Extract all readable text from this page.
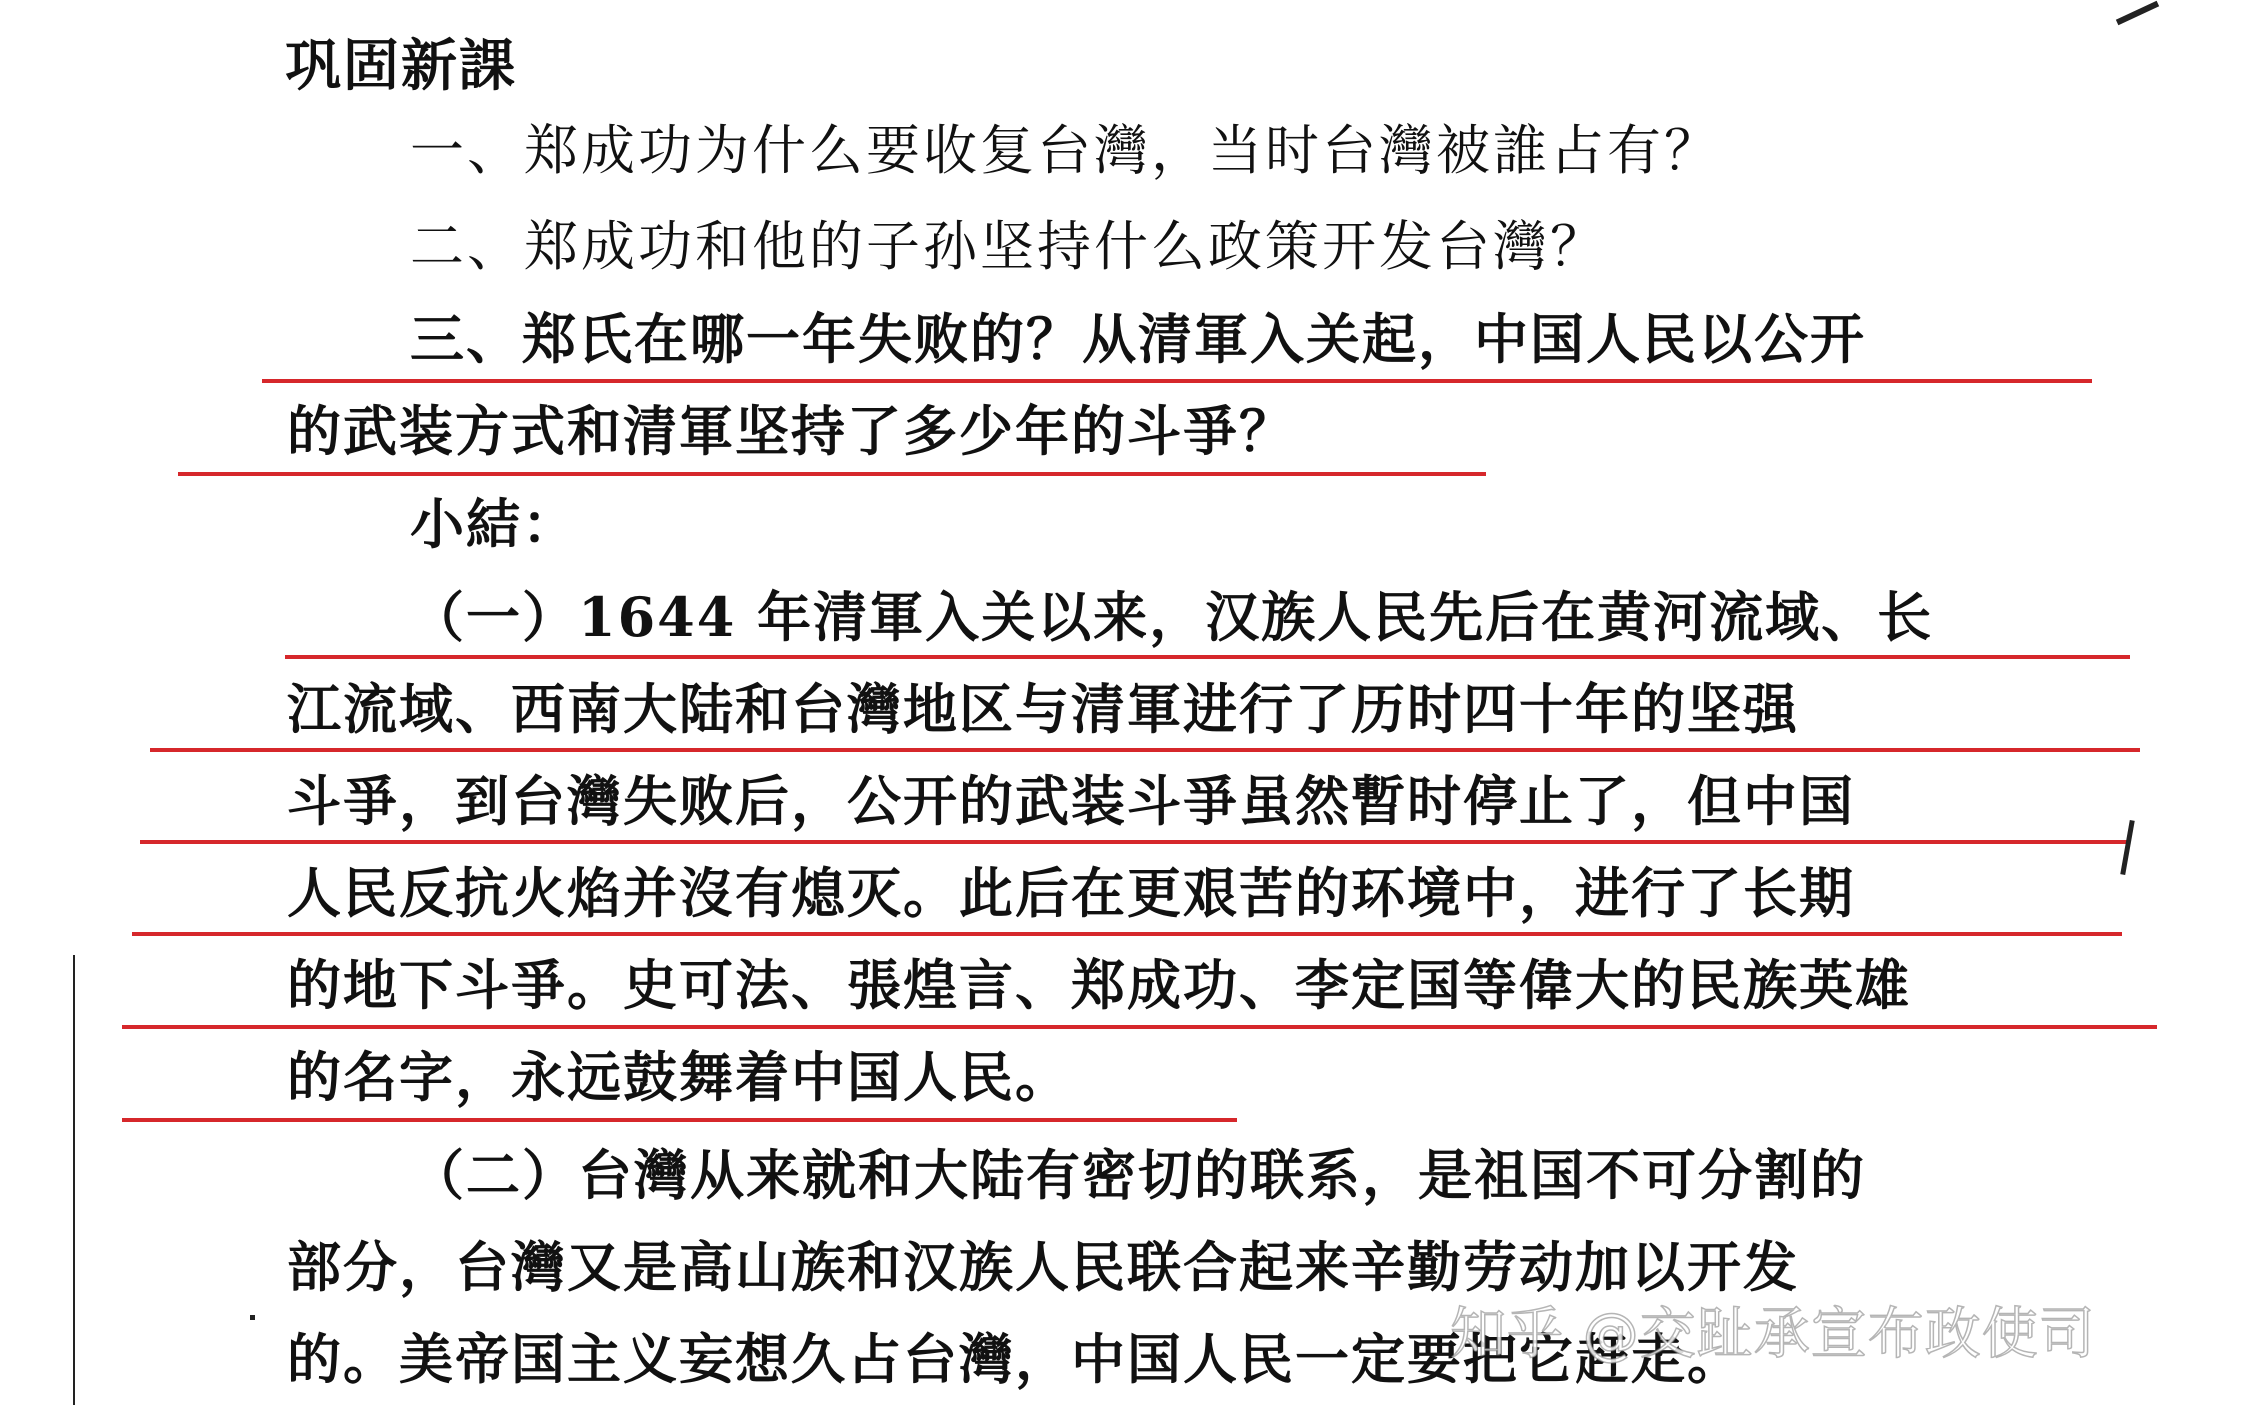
巩固新課
一、郑成功为什么要收复台灣，当时台灣被誰占有？
二、郑成功和他的子孙坚持什么政策开发台灣？
三、郑氏在哪一年失败的？从清軍入关起，中国人民以公开
的武装方式和清軍坚持了多少年的斗爭？
小結：
（一）1644 年清軍入关以来，汉族人民先后在黄河流域、长
江流域、西南大陆和台灣地区与清軍进行了历时四十年的坚强
斗爭，到台灣失败后，公开的武装斗爭虽然暫时停止了，但中国
人民反抗火焰并沒有熄灭。此后在更艰苦的环境中，进行了长期
的地下斗爭。史可法、張煌言、郑成功、李定国等偉大的民族英雄
的名字，永远鼓舞着中国人民。
（二）台灣从来就和大陆有密切的联系，是祖国不可分割的
部分，台灣又是高山族和汉族人民联合起来辛勤劳动加以开发
的。美帝国主义妄想久占台灣，中国人民一定要把它赶走。
知乎 @交趾承宣布政使司
